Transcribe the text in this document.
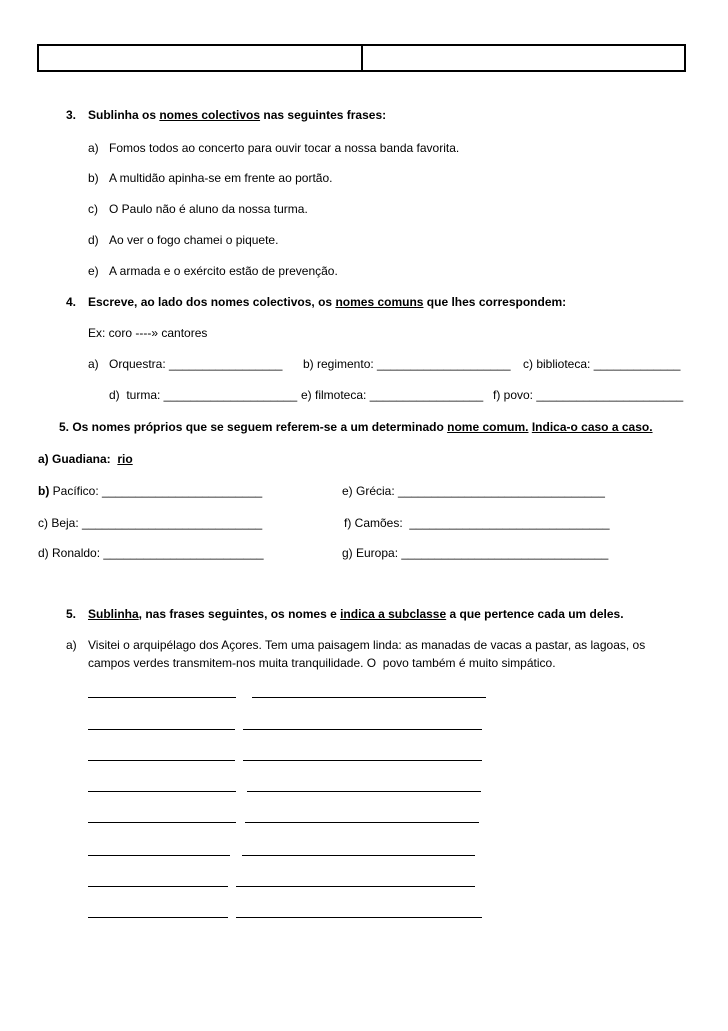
3. Sublinha os nomes colectivos nas seguintes frases:
a) Fomos todos ao concerto para ouvir tocar a nossa banda favorita.
b) A multidão apinha-se em frente ao portão.
c) O Paulo não é aluno da nossa turma.
d) Ao ver o fogo chamei o piquete.
e) A armada e o exército estão de prevenção.
4. Escreve, ao lado dos nomes colectivos, os nomes comuns que lhes correspondem:
Ex: coro ----» cantores
a) Orquestra: _________________ b) regimento: ____________________ c) biblioteca: _____________
d)  turma: ____________________ e) filmoteca: _________________ f) povo: ______________________
5. Os nomes próprios que se seguem referem-se a um determinado nome comum. Indica-o caso a caso.
a) Guadiana:  rio
b) Pacífico: ________________________
c) Beja: ___________________________
d) Ronaldo: ________________________
e) Grécia: _______________________________
f) Camões:  ______________________________
g) Europa: _______________________________
5. Sublinha, nas frases seguintes, os nomes e indica a subclasse a que pertence cada um deles.
a) Visitei o arquipélago dos Açores. Tem uma paisagem linda: as manadas de vacas a pastar, as lagoas, os
campos verdes transmitem-nos muita tranquilidade. O  povo também é muito simpático.
